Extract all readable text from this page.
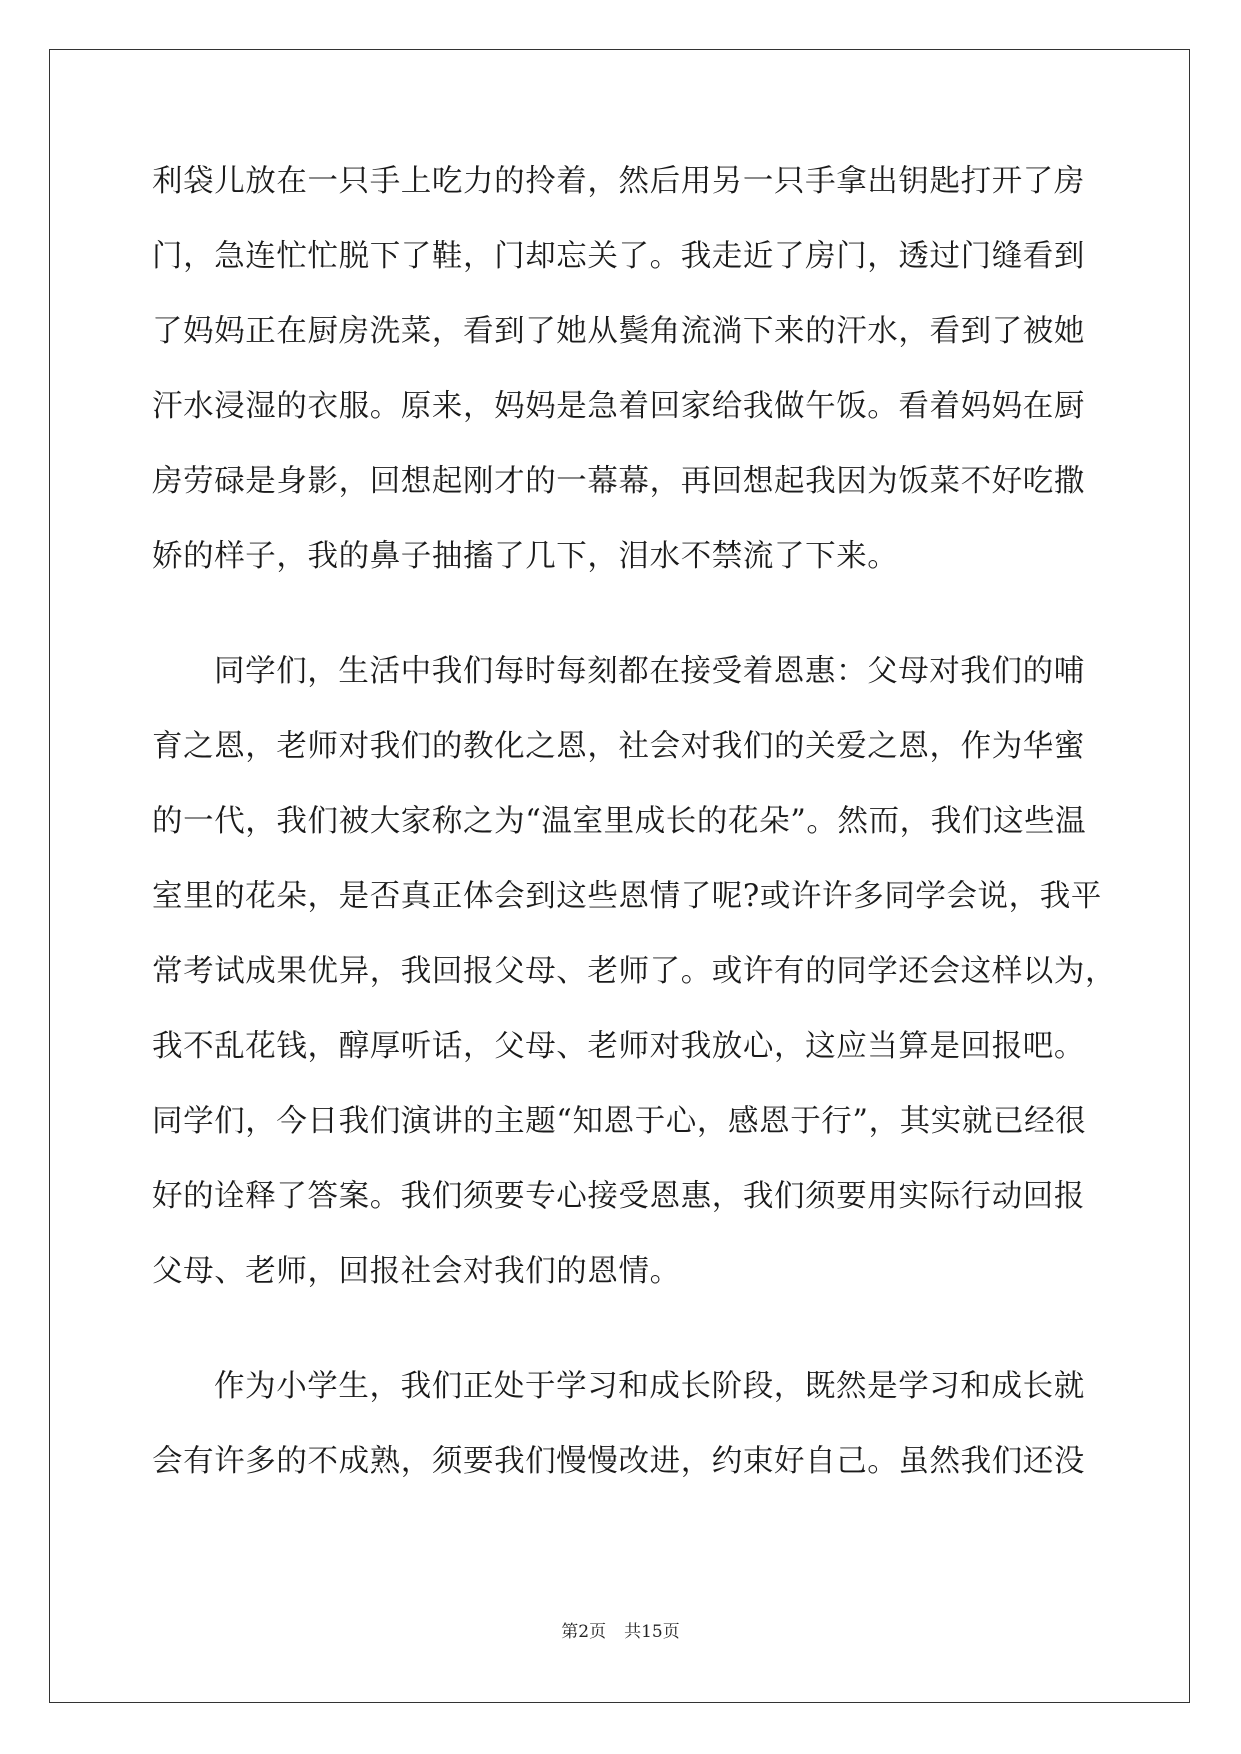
利袋儿放在一只手上吃力的拎着，然后用另一只手拿出钥匙打开了房
门，急连忙忙脱下了鞋，门却忘关了。我走近了房门，透过门缝看到
了妈妈正在厨房洗菜，看到了她从鬓角流淌下来的汗水，看到了被她
汗水浸湿的衣服。原来，妈妈是急着回家给我做午饭。看着妈妈在厨
房劳碌是身影，回想起刚才的一幕幕，再回想起我因为饭菜不好吃撒
娇的样子，我的鼻子抽搐了几下，泪水不禁流了下来。
同学们，生活中我们每时每刻都在接受着恩惠：父母对我们的哺
育之恩，老师对我们的教化之恩，社会对我们的关爱之恩，作为华蜜
的一代，我们被大家称之为“温室里成长的花朵”。然而，我们这些温
室里的花朵，是否真正体会到这些恩情了呢?或许许多同学会说，我平
常考试成果优异，我回报父母、老师了。或许有的同学还会这样以为，
我不乱花钱，醇厚听话，父母、老师对我放心，这应当算是回报吧。
同学们，今日我们演讲的主题“知恩于心，感恩于行”，其实就已经很
好的诠释了答案。我们须要专心接受恩惠，我们须要用实际行动回报
父母、老师，回报社会对我们的恩情。
作为小学生，我们正处于学习和成长阶段，既然是学习和成长就
会有许多的不成熟，须要我们慢慢改进，约束好自己。虽然我们还没
第2页 共15页
